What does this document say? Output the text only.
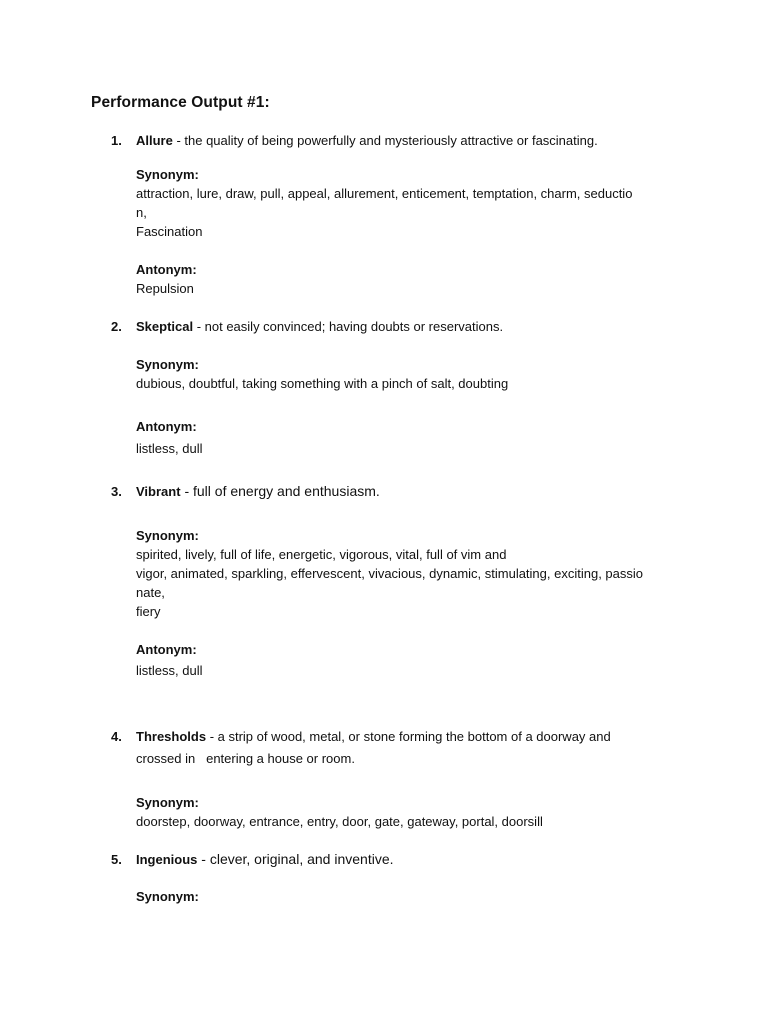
Performance Output #1:
1. Allure - the quality of being powerfully and mysteriously attractive or fascinating.
Synonym:
attraction, lure, draw, pull, appeal, allurement, enticement, temptation, charm, seductio
n,
Fascination
Antonym:
Repulsion
2. Skeptical - not easily convinced; having doubts or reservations.
Synonym:
dubious, doubtful, taking something with a pinch of salt, doubting
Antonym:
listless, dull
3. Vibrant - full of energy and enthusiasm.
Synonym:
spirited, lively, full of life, energetic, vigorous, vital, full of vim and
vigor, animated, sparkling, effervescent, vivacious, dynamic, stimulating, exciting, passio
nate,
fiery
Antonym:
listless, dull
4. Thresholds - a strip of wood, metal, or stone forming the bottom of a doorway and
crossed in   entering a house or room.
Synonym:
doorstep, doorway, entrance, entry, door, gate, gateway, portal, doorsill
5. Ingenious - clever, original, and inventive.
Synonym:
